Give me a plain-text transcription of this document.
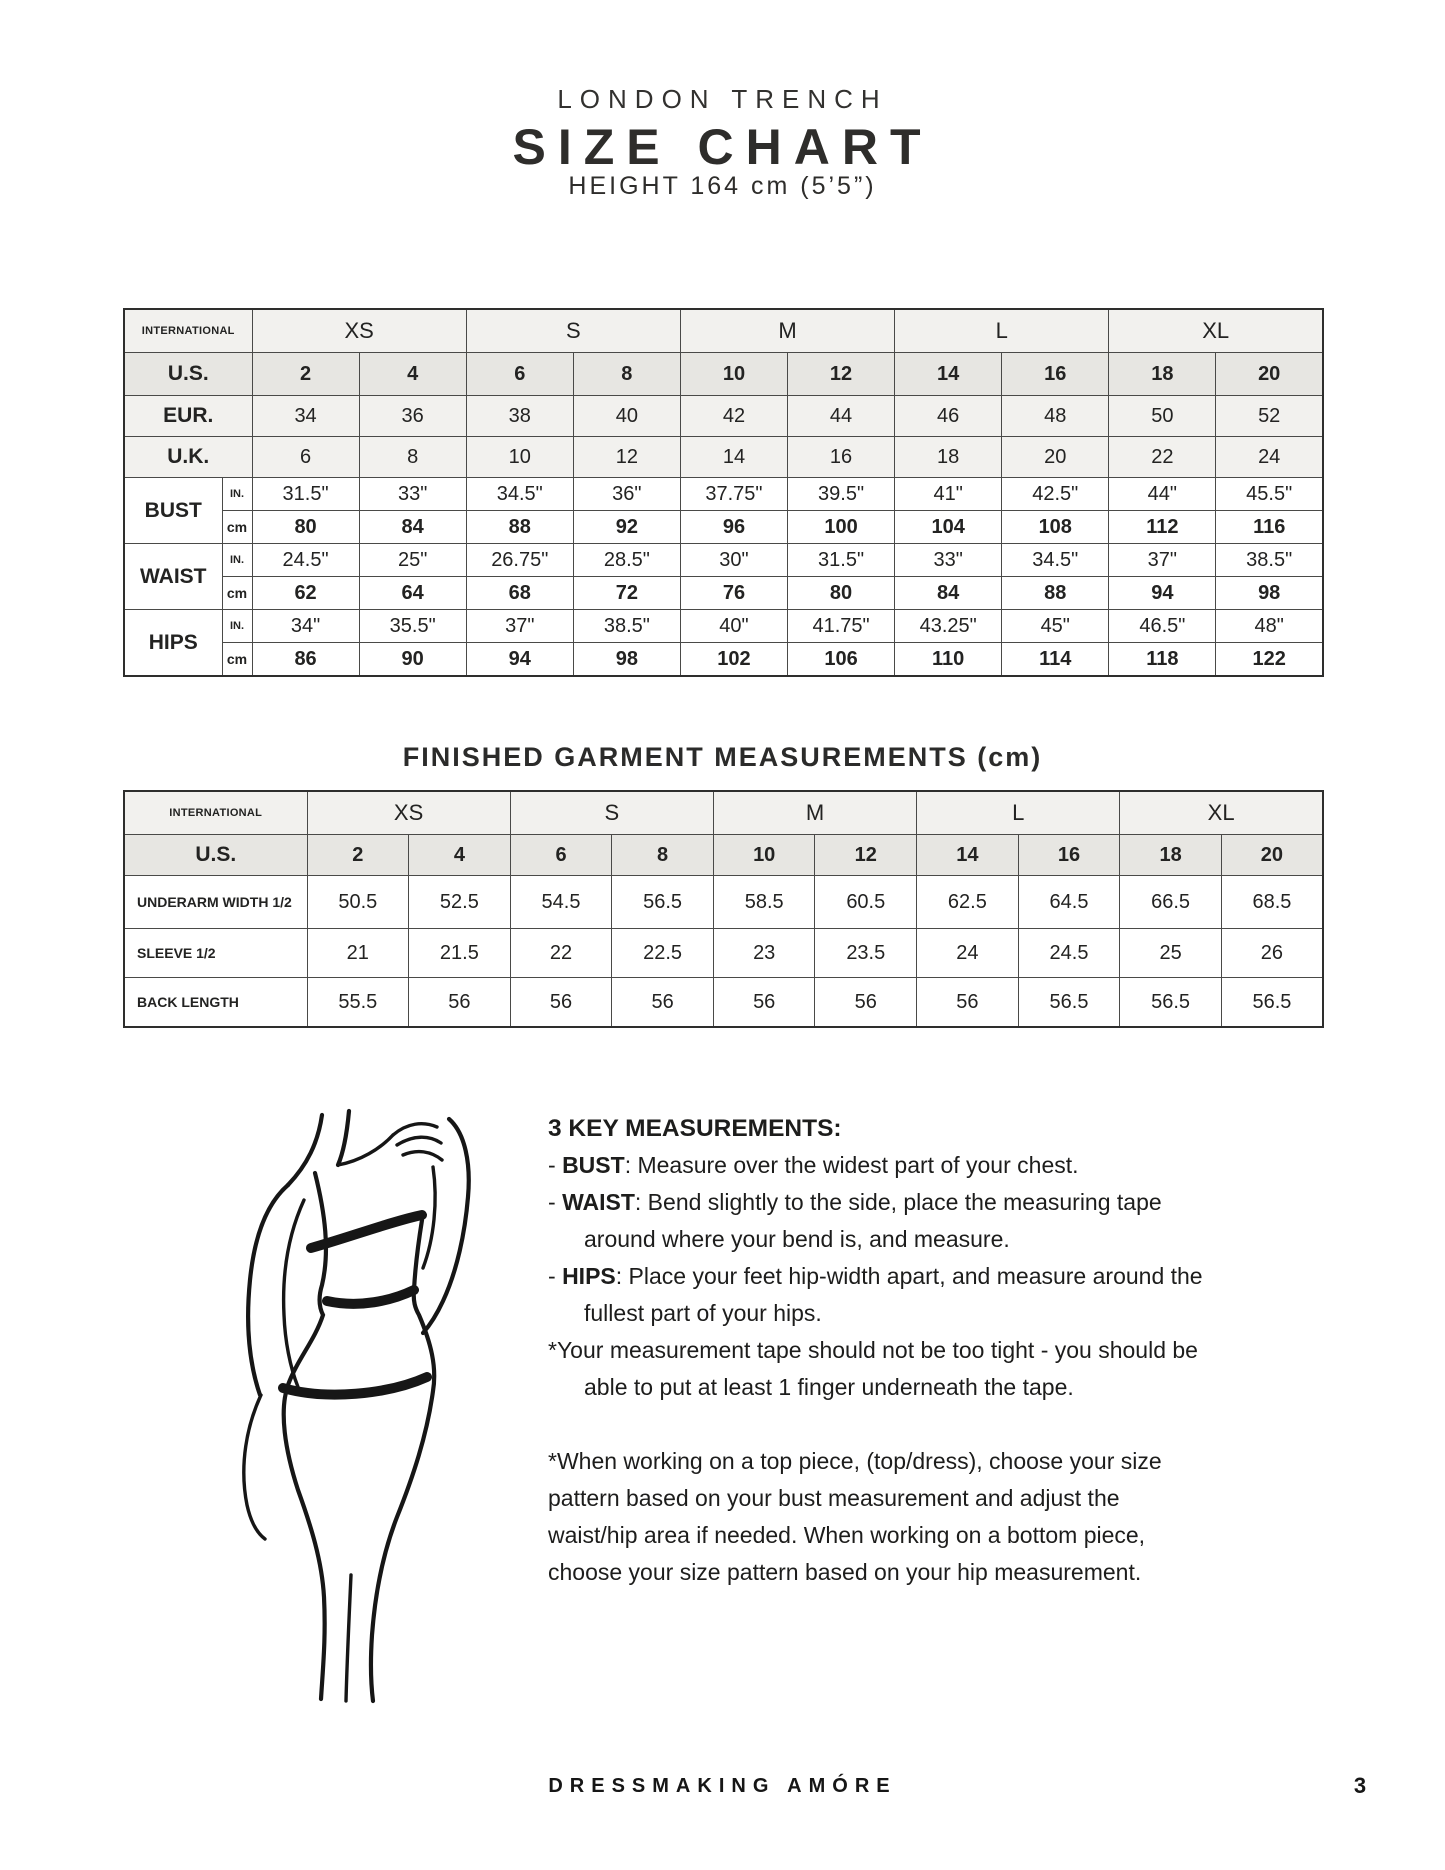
LONDON TRENCH
SIZE CHART
HEIGHT 164 cm (5’5”)
INTERNATIONAL		XS		S		M		L		XL	
U.S.		2	4	6	8	10	12	14	16	18	20
EUR.		34	36	38	40	42	44	46	48	50	52
U.K.		6	8	10	12	14	16	18	20	22	24
BUST	IN.	31.5"	33"	34.5"	36"	37.75"	39.5"	41"	42.5"	44"	45.5"
	cm	80	84	88	92	96	100	104	108	112	116
WAIST	IN.	24.5"	25"	26.75"	28.5"	30"	31.5"	33"	34.5"	37"	38.5"
	cm	62	64	68	72	76	80	84	88	94	98
HIPS	IN.	34"	35.5"	37"	38.5"	40"	41.75"	43.25"	45"	46.5"	48"
	cm	86	90	94	98	102	106	110	114	118	122
FINISHED GARMENT MEASUREMENTS (cm)
INTERNATIONAL	XS		S		M		L		XL	
U.S.	2	4	6	8	10	12	14	16	18	20
UNDERARM WIDTH 1/2	50.5	52.5	54.5	56.5	58.5	60.5	62.5	64.5	66.5	68.5
SLEEVE 1/2	21	21.5	22	22.5	23	23.5	24	24.5	25	26
BACK LENGTH	55.5	56	56	56	56	56	56	56.5	56.5	56.5
3 KEY MEASUREMENTS:
- BUST: Measure over the widest part of your chest.
- WAIST: Bend slightly to the side, place the measuring tape around where your bend is, and measure.
- HIPS: Place your feet hip-width apart, and measure around the fullest part of your hips.
*Your measurement tape should not be too tight - you should be able to put at least 1 finger underneath the tape.
*When working on a top piece, (top/dress), choose your size pattern based on your bust measurement and adjust the waist/hip area if needed. When working on a bottom piece, choose your size pattern based on your hip measurement.
DRESSMAKING AMÓRE	3
